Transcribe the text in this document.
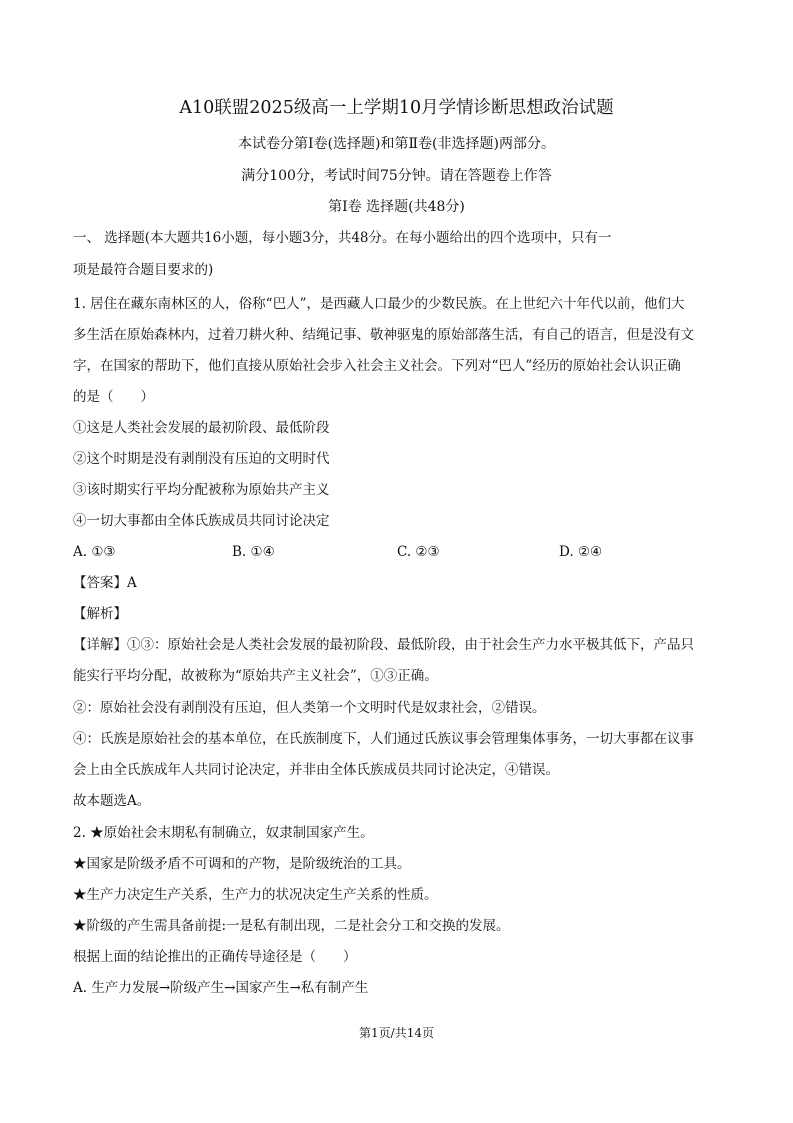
A10联盟2025级高一上学期10月学情诊断思想政治试题
本试卷分第Ⅰ卷(选择题)和第Ⅱ卷(非选择题)两部分。
满分100分，考试时间75分钟。请在答题卷上作答
第Ⅰ卷 选择题(共48分)
一、 选择题(本大题共16小题，每小题3分，共48分。在每小题给出的四个选项中，只有一
项是最符合题目要求的)
1. 居住在藏东南林区的人，俗称“巴人”，是西藏人口最少的少数民族。在上世纪六十年代以前，他们大
多生活在原始森林内，过着刀耕火种、结绳记事、敬神驱鬼的原始部落生活，有自己的语言，但是没有文
字，在国家的帮助下，他们直接从原始社会步入社会主义社会。下列对“巴人”经历的原始社会认识正确
的是（　　）
①这是人类社会发展的最初阶段、最低阶段
②这个时期是没有剥削没有压迫的文明时代
③该时期实行平均分配被称为原始共产主义
④一切大事都由全体氏族成员共同讨论决定
A. ①③	B. ①④	C. ②③	D. ②④
【答案】A
【解析】
【详解】①③：原始社会是人类社会发展的最初阶段、最低阶段，由于社会生产力水平极其低下，产品只
能实行平均分配，故被称为“原始共产主义社会”，①③正确。
②：原始社会没有剥削没有压迫，但人类第一个文明时代是奴隶社会，②错误。
④：氏族是原始社会的基本单位，在氏族制度下，人们通过氏族议事会管理集体事务，一切大事都在议事
会上由全氏族成年人共同讨论决定，并非由全体氏族成员共同讨论决定，④错误。
故本题选A。
2. ★原始社会末期私有制确立，奴隶制国家产生。
★国家是阶级矛盾不可调和的产物，是阶级统治的工具。
★生产力决定生产关系，生产力的状况决定生产关系的性质。
★阶级的产生需具备前提:一是私有制出现，二是社会分工和交换的发展。
根据上面的结论推出的正确传导途径是（　　）
A. 生产力发展→阶级产生→国家产生→私有制产生
第1页/共14页
